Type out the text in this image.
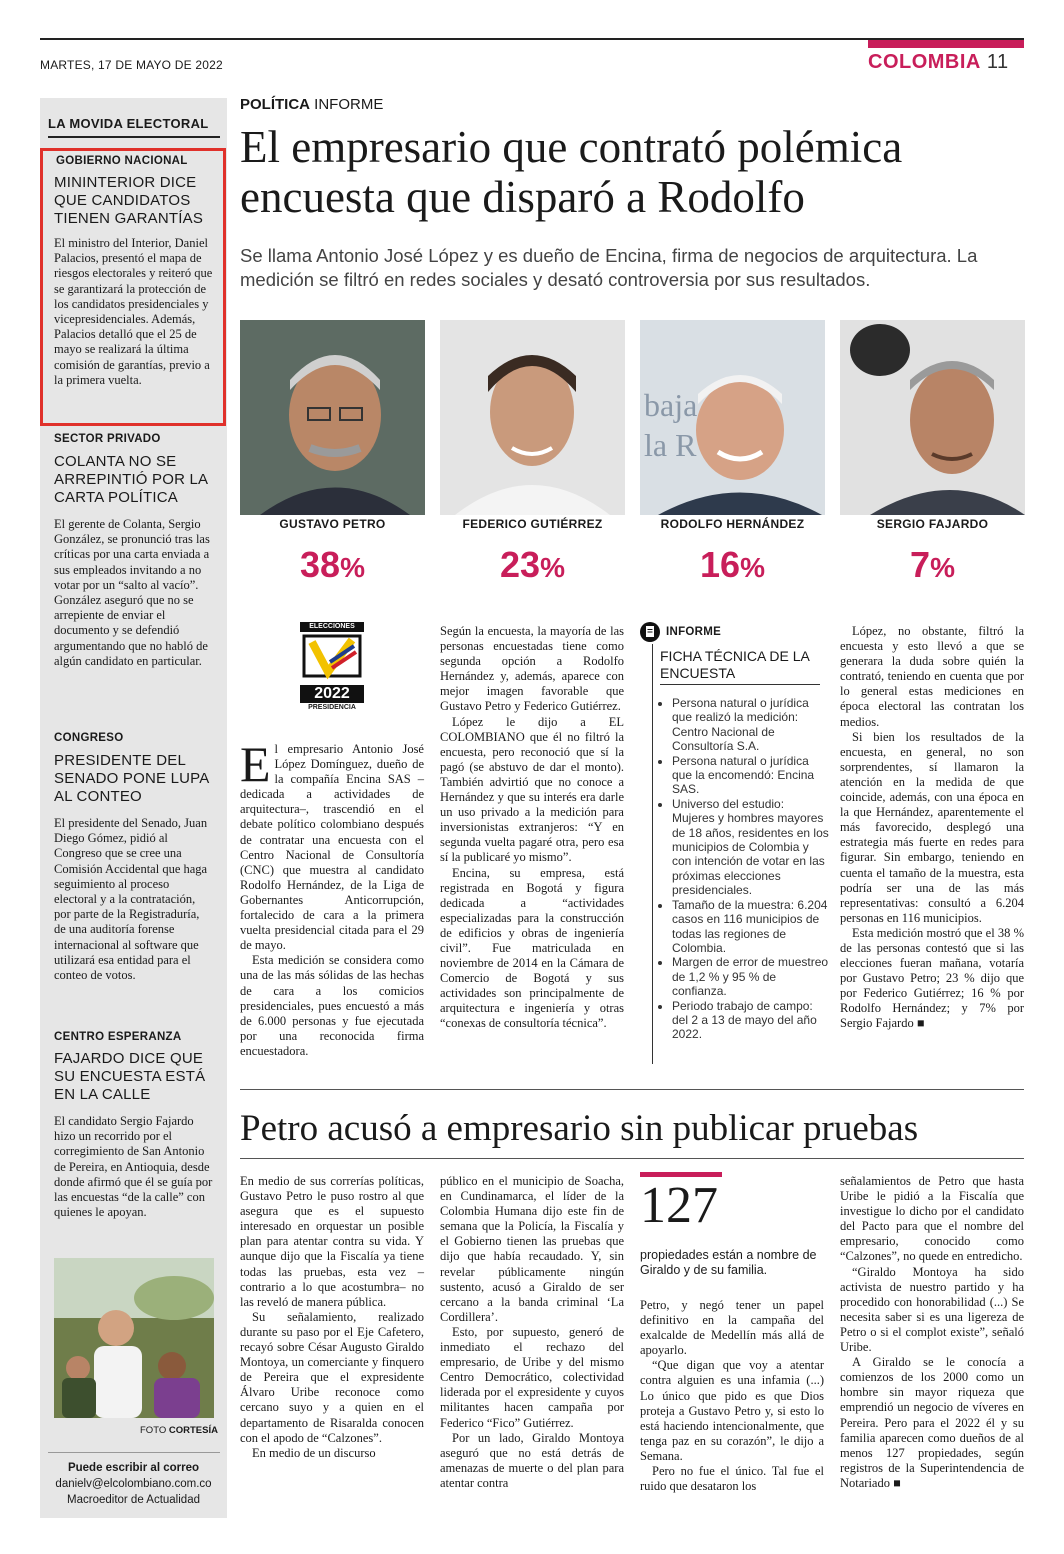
MARTES, 17 DE MAYO DE 2022	COLOMBIA 11
LA MOVIDA ELECTORAL
GOBIERNO NACIONAL
MININTERIOR DICE QUE CANDIDATOS TIENEN GARANTÍAS
El ministro del Interior, Daniel Palacios, presentó el mapa de riesgos electorales y reiteró que se garantizará la protección de los candidatos presidenciales y vicepresidenciales. Además, Palacios detalló que el 25 de mayo se realizará la última comisión de garantías, previo a la primera vuelta.
SECTOR PRIVADO
COLANTA NO SE ARREPINTIÓ POR LA CARTA POLÍTICA
El gerente de Colanta, Sergio González, se pronunció tras las críticas por una carta enviada a sus empleados invitando a no votar por un “salto al vacío”. González aseguró que no se arrepiente de enviar el documento y se defendió argumentando que no habló de algún candidato en particular.
CONGRESO
PRESIDENTE DEL SENADO PONE LUPA AL CONTEO
El presidente del Senado, Juan Diego Gómez, pidió al Congreso que se cree una Comisión Accidental que haga seguimiento al proceso electoral y a la contratación, por parte de la Registraduría, de una auditoría forense internacional al software que utilizará esa entidad para el conteo de votos.
CENTRO ESPERANZA
FAJARDO DICE QUE SU ENCUESTA ESTÁ EN LA CALLE
El candidato Sergio Fajardo hizo un recorrido por el corregimiento de San Antonio de Pereira, en Antioquia, desde donde afirmó que él se guía por las encuestas “de la calle” con quienes le apoyan.
FOTO CORTESÍA
Puede escribir al correo
danielv@elcolombiano.com.co
Macroeditor de Actualidad
POLÍTICA INFORME
El empresario que contrató polémica encuesta que disparó a Rodolfo
Se llama Antonio José López y es dueño de Encina, firma de negocios de arquitectura. La medición se filtró en redes sociales y desató controversia por sus resultados.
baja
la R
GUSTAVO PETRO	FEDERICO GUTIÉRREZ	RODOLFO HERNÁNDEZ	SERGIO FAJARDO
38%	23%	16%	7%
ELECCIONES
2022
PRESIDENCIA

El empresario Antonio José López Domínguez, dueño de la compañía Encina SAS –dedicada a actividades de arquitectura–, trascendió en el debate político colombiano después de contratar una encuesta con el Centro Nacional de Consultoría (CNC) que muestra al candidato Rodolfo Hernández, de la Liga de Gobernantes Anticorrupción, fortalecido de cara a la primera vuelta presidencial citada para el 29 de mayo.

Esta medición se considera como una de las más sólidas de las hechas de cara a los comicios presidenciales, pues encuestó a más de 6.000 personas y fue ejecutada por una reconocida firma encuestadora.

Según la encuesta, la mayoría de las personas encuestadas tiene como segunda opción a Rodolfo Hernández y, además, aparece con mejor imagen favorable que Gustavo Petro y Federico Gutiérrez.

López le dijo a EL COLOMBIANO que él no filtró la encuesta, pero reconoció que sí la pagó (se abstuvo de dar el monto). También advirtió que no conoce a Hernández y que su interés era darle un uso privado a la medición para inversionistas extranjeros: “Y en segunda vuelta pagaré otra, pero esa sí la publicaré yo mismo”.

Encina, su empresa, está registrada en Bogotá y figura dedicada a “actividades especializadas para la construcción de edificios y obras de ingeniería civil”. Fue matriculada en noviembre de 2014 en la Cámara de Comercio de Bogotá y sus actividades son principalmente de arquitectura e ingeniería y otras “conexas de consultoría técnica”.

INFORME
FICHA TÉCNICA DE LA ENCUESTA
• Persona natural o jurídica que realizó la medición: Centro Nacional de Consultoría S.A.
• Persona natural o jurídica que la encomendó: Encina SAS.
• Universo del estudio: Mujeres y hombres mayores de 18 años, residentes en los municipios de Colombia y con intención de votar en las próximas elecciones presidenciales.
• Tamaño de la muestra: 6.204 casos en 116 municipios de todas las regiones de Colombia.
• Margen de error de muestreo de 1,2 % y 95 % de confianza.
• Periodo trabajo de campo: del 2 a 13 de mayo del año 2022.

López, no obstante, filtró la encuesta y esto llevó a que se generara la duda sobre quién la contrató, teniendo en cuenta que por lo general estas mediciones en época electoral las contratan los medios.

Si bien los resultados de la encuesta, en general, no son sorprendentes, sí llamaron la atención en la medida de que coincide, además, con una época en la que Hernández, aparentemente el más favorecido, desplegó una estrategia más fuerte en redes para figurar. Sin embargo, teniendo en cuenta el tamaño de la muestra, esta podría ser una de las más representativas: consultó a 6.204 personas en 116 municipios.

Esta medición mostró que el 38 % de las personas contestó que si las elecciones fueran mañana, votaría por Gustavo Petro; 23 % dijo que por Federico Gutiérrez; 16 % por Rodolfo Hernández; y 7% por Sergio Fajardo ■

Petro acusó a empresario sin publicar pruebas

En medio de sus correrías políticas, Gustavo Petro le puso rostro al que asegura que es el supuesto interesado en orquestar un posible plan para atentar contra su vida. Y aunque dijo que la Fiscalía ya tiene todas las pruebas, esta vez –contrario a lo que acostumbra– no las reveló de manera pública.

Su señalamiento, realizado durante su paso por el Eje Cafetero, recayó sobre César Augusto Giraldo Montoya, un comerciante y finquero de Pereira que el expresidente Álvaro Uribe reconoce como cercano suyo y a quien en el departamento de Risaralda conocen con el apodo de “Calzones”.

En medio de un discurso

público en el municipio de Soacha, en Cundinamarca, el líder de la Colombia Humana dijo este fin de semana que la Policía, la Fiscalía y el Gobierno tienen las pruebas que dijo que había recaudado. Y, sin revelar públicamente ningún sustento, acusó a Giraldo de ser cercano a la banda criminal ‘La Cordillera’.

Esto, por supuesto, generó de inmediato el rechazo del empresario, de Uribe y del mismo Centro Democrático, colectividad liderada por el expresidente y cuyos militantes hacen campaña por Federico “Fico” Gutiérrez.

Por un lado, Giraldo Montoya aseguró que no está detrás de amenazas de muerte o del plan para atentar contra

127
propiedades están a nombre de Giraldo y de su familia.

Petro, y negó tener un papel definitivo en la campaña del exalcalde de Medellín más allá de apoyarlo.

“Que digan que voy a atentar contra alguien es una infamia (...) Lo único que pido es que Dios proteja a Gustavo Petro y, si esto lo está haciendo intencionalmente, que tenga paz en su corazón”, le dijo a Semana.

Pero no fue el único. Tal fue el ruido que desataron los

señalamientos de Petro que hasta Uribe le pidió a la Fiscalía que investigue lo dicho por el candidato del Pacto para que el nombre del empresario, conocido como “Calzones”, no quede en entredicho.

“Giraldo Montoya ha sido activista de nuestro partido y ha procedido con honorabilidad (...) Se necesita saber si es una ligereza de Petro o si el complot existe”, señaló Uribe.

A Giraldo se le conocía a comienzos de los 2000 como un hombre sin mayor riqueza que emprendió un negocio de víveres en Pereira. Pero para el 2022 él y su familia aparecen como dueños de al menos 127 propiedades, según registros de la Superintendencia de Notariado ■
